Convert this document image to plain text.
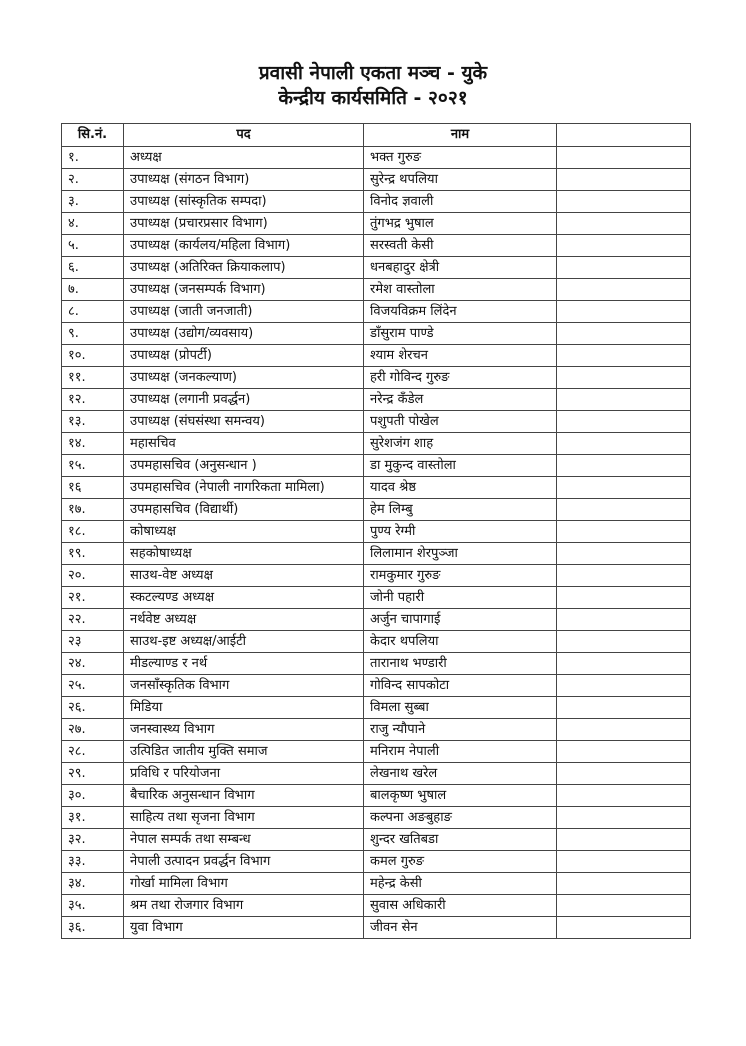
प्रवासी नेपाली एकता मञ्च - युके
केन्द्रीय कार्यसमिति - २०२१
सि.नं.	पद	नाम	
१.	अध्यक्ष	भक्त गुरुङ	
२.	उपाध्यक्ष (संगठन विभाग)	सुरेन्द्र थपलिया	
३.	उपाध्यक्ष (सांस्कृतिक सम्पदा)	विनोद ज्ञवाली	
४.	उपाध्यक्ष (प्रचारप्रसार विभाग)	तुंगभद्र भुषाल	
५.	उपाध्यक्ष (कार्यलय/महिला विभाग)	सरस्वती केसी	
६.	उपाध्यक्ष (अतिरिक्त क्रियाकलाप)	धनबहादुर क्षेत्री	
७.	उपाध्यक्ष (जनसम्पर्क विभाग)	रमेश वास्तोला	
८.	उपाध्यक्ष (जाती जनजाती)	विजयविक्रम लिंदेन	
९.	उपाध्यक्ष (उद्योग/व्यवसाय)	डाँसुराम पाण्डे	
१०.	उपाध्यक्ष (प्रोपर्टी)	श्याम शेरचन	
११.	उपाध्यक्ष (जनकल्याण)	हरी गोविन्द गुरुङ	
१२.	उपाध्यक्ष (लगानी प्रवर्द्धन)	नरेन्द्र कँडेल	
१३.	उपाध्यक्ष (संघसंस्था समन्वय)	पशुपती पोखेल	
१४.	महासचिव	सुरेशजंग शाह	
१५.	उपमहासचिव (अनुसन्धान )	डा मुकुन्द वास्तोला	
१६	उपमहासचिव (नेपाली नागरिकता मामिला)	यादव श्रेष्ठ	
१७.	उपमहासचिव (विद्यार्थी)	हेम लिम्बु	
१८.	कोषाध्यक्ष	पुण्य रेग्मी	
१९.	सहकोषाध्यक्ष	लिलामान शेरपुञ्जा	
२०.	साउथ-वेष्ट अध्यक्ष	रामकुमार गुरुङ	
२१.	स्कटल्यण्ड अध्यक्ष	जोनी पहारी	
२२.	नर्थवेष्ट अध्यक्ष	अर्जुन चापागाई	
२३	साउथ-इष्ट अध्यक्ष/आईटी	केदार थपलिया	
२४.	मीडल्याण्ड र नर्थ	तारानाथ भण्डारी	
२५.	जनसाँस्कृतिक विभाग	गोविन्द सापकोटा	
२६.	मिडिया	विमला सुब्बा	
२७.	जनस्वास्थ्य विभाग	राजु न्यौपाने	
२८.	उत्पिडित जातीय मुक्ति समाज	मनिराम नेपाली	
२९.	प्रविधि र परियोजना	लेखनाथ खरेल	
३०.	बैचारिक अनुसन्धान विभाग	बालकृष्ण भुषाल	
३१.	साहित्य तथा सृजना विभाग	कल्पना अङबुहाङ	
३२.	नेपाल सम्पर्क तथा सम्बन्ध	शुन्दर खतिबडा	
३३.	नेपाली उत्पादन प्रवर्द्धन विभाग	कमल गुरुङ	
३४.	गोर्खा मामिला विभाग	महेन्द्र केसी	
३५.	श्रम तथा रोजगार विभाग	सुवास अधिकारी	
३६.	युवा विभाग	जीवन सेन	
